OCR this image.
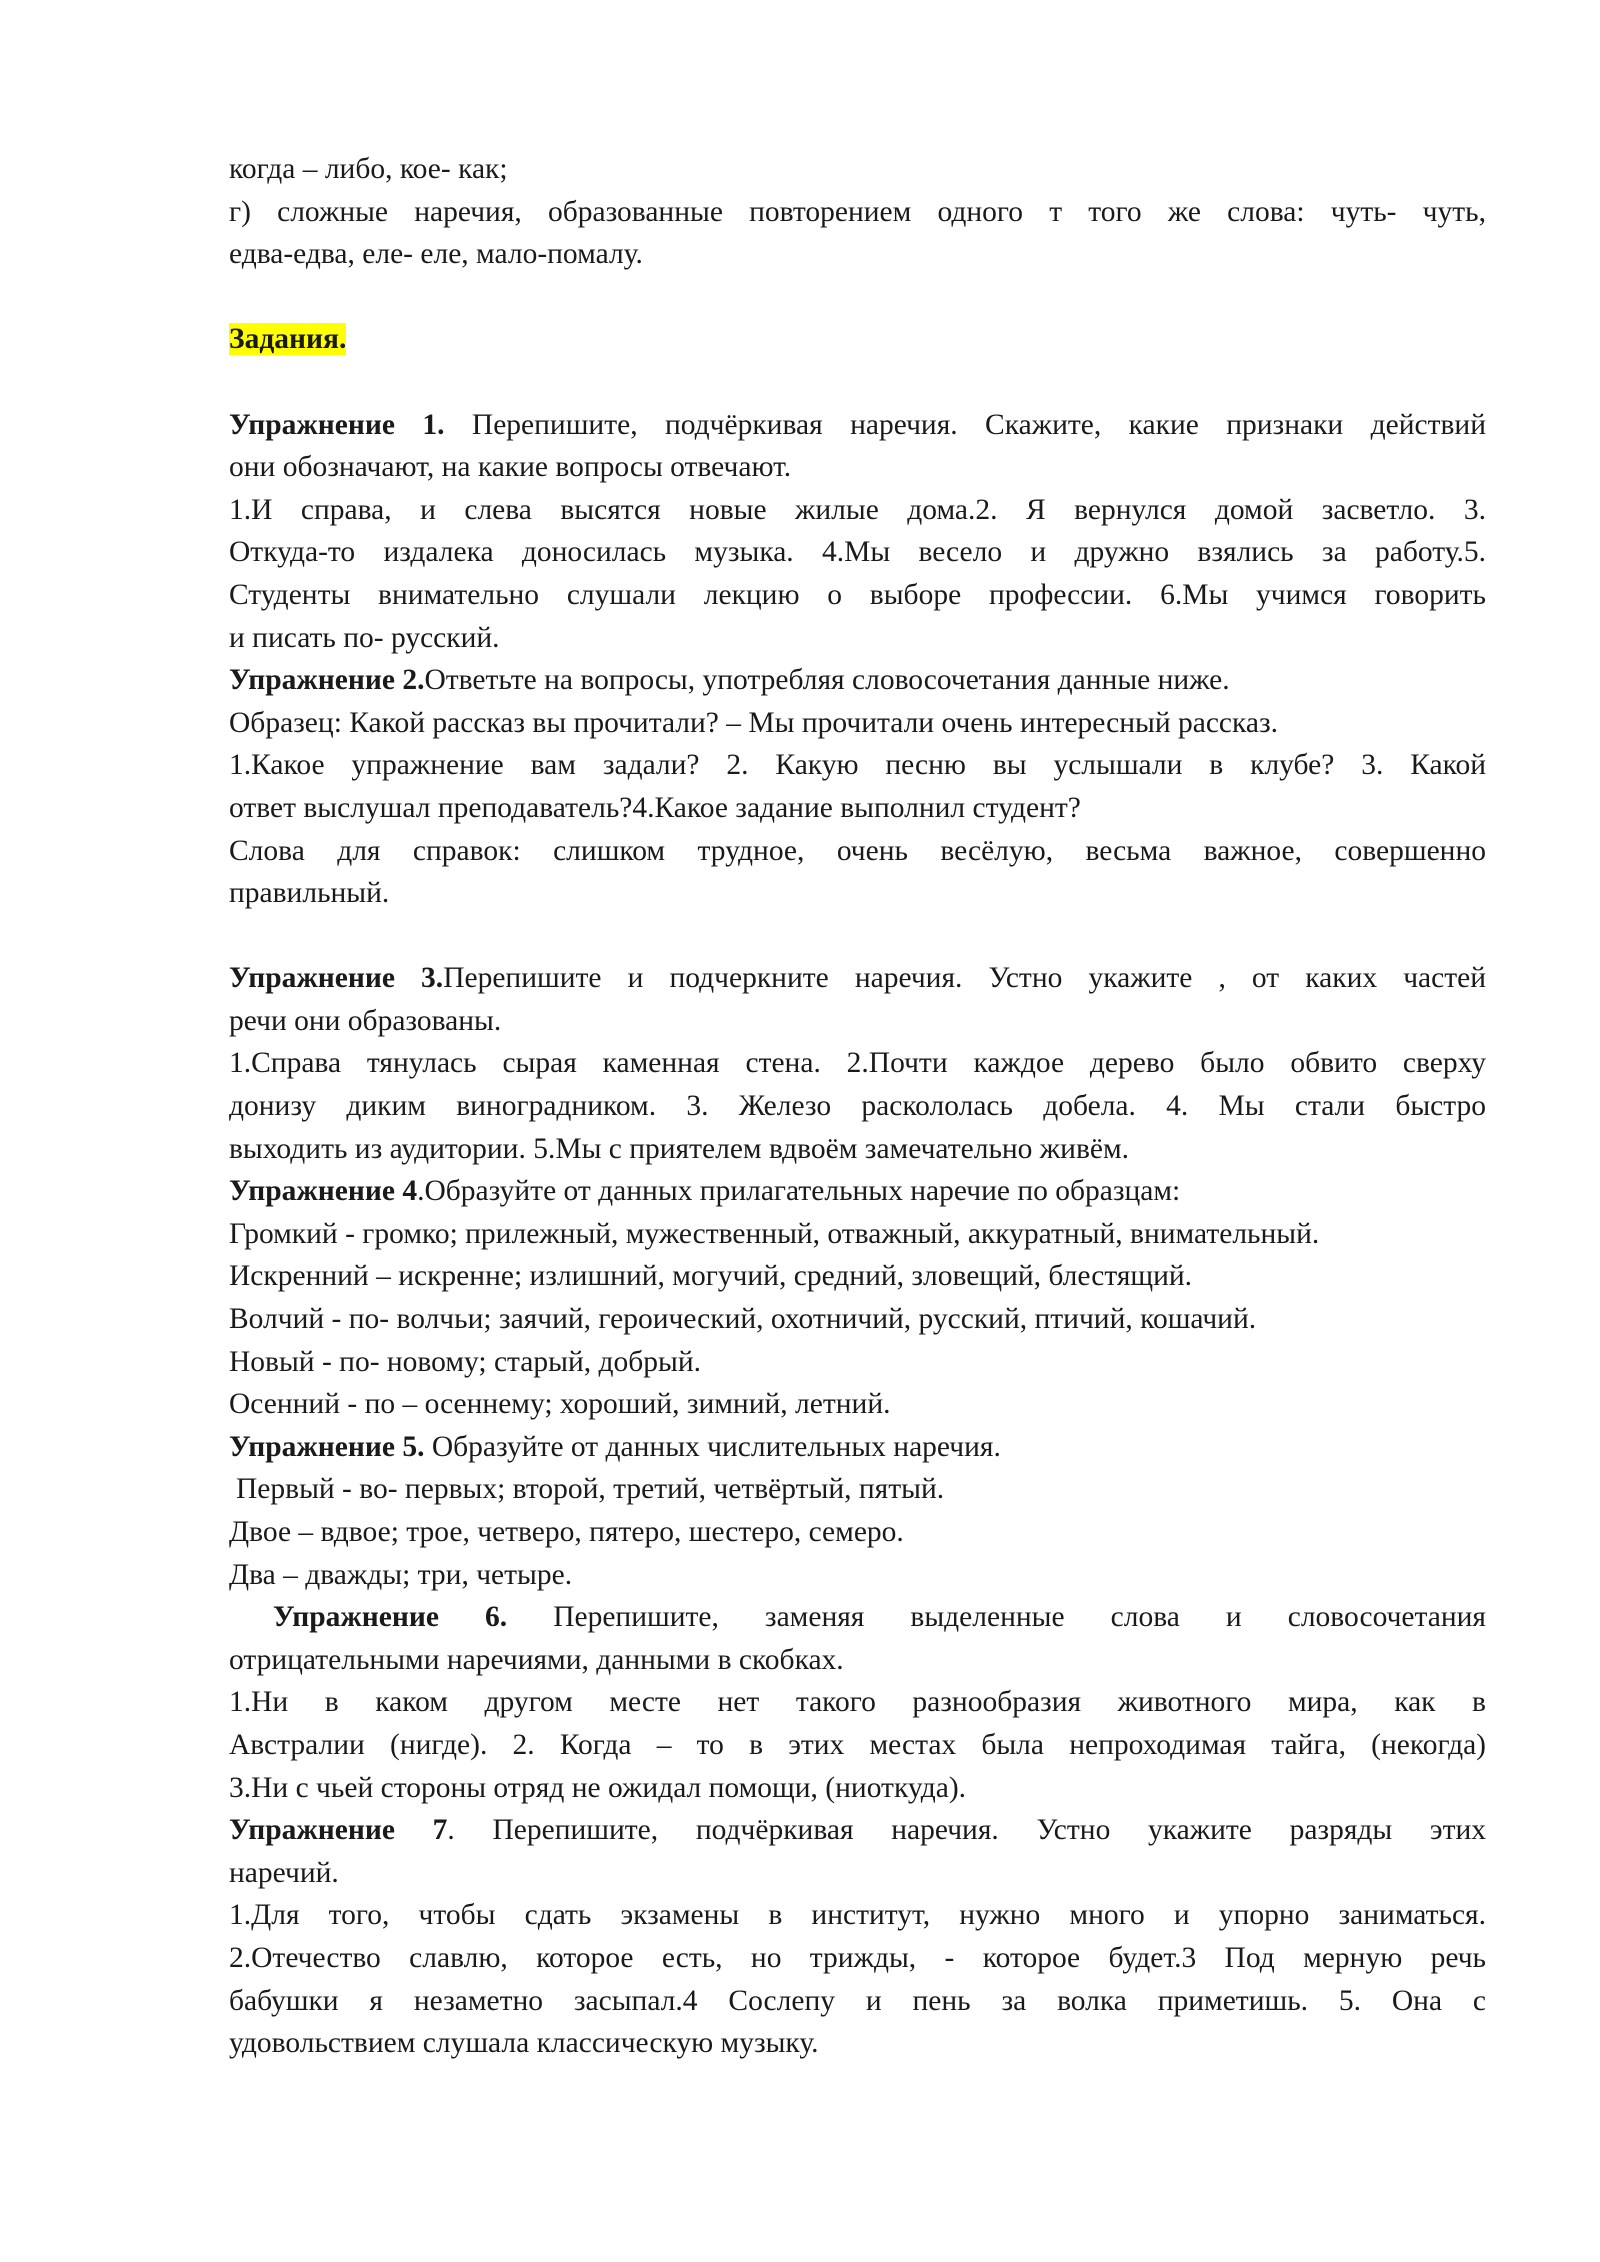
когда – либо, кое- как;

г) сложные наречия, образованные повторением одного т того же слова: чуть- чуть,

едва-едва, еле- еле, мало-помалу.

Задания.

Упражнение 1. Перепишите, подчёркивая наречия. Скажите, какие признаки действий

они обозначают, на какие вопросы отвечают.

1.И справа, и слева высятся новые жилые дома.2. Я вернулся домой засветло. 3.

Откуда-то издалека доносилась музыка. 4.Мы весело и дружно взялись за работу.5.

Студенты внимательно слушали лекцию о выборе профессии. 6.Мы учимся говорить

и писать по- русский.

Упражнение 2.Ответьте на вопросы, употребляя словосочетания данные ниже.

Образец: Какой рассказ вы прочитали? – Мы прочитали очень интересный рассказ.

1.Какое упражнение вам задали? 2. Какую песню вы услышали в клубе? 3. Какой

ответ выслушал преподаватель?4.Какое задание выполнил студент?

Слова для справок: слишком трудное, очень весёлую, весьма важное, совершенно

правильный.

Упражнение 3.Перепишите и подчеркните наречия. Устно укажите , от каких частей

речи они образованы.

1.Справа тянулась сырая каменная стена. 2.Почти каждое дерево было обвито сверху

донизу диким виноградником. 3. Железо раскололась добела. 4. Мы стали быстро

выходить из аудитории. 5.Мы с приятелем вдвоём замечательно живём.

Упражнение 4.Образуйте от данных прилагательных наречие по образцам:

Громкий - громко; прилежный, мужественный, отважный, аккуратный, внимательный.

Искренний – искренне; излишний, могучий, средний, зловещий, блестящий.

Волчий - по- волчьи; заячий, героический, охотничий, русский, птичий, кошачий.

Новый - по- новому; старый, добрый.

Осенний - по – осеннему; хороший, зимний, летний.

Упражнение 5. Образуйте от данных числительных наречия.

Первый - во- первых; второй, третий, четвёртый, пятый.

Двое – вдвое; трое, четверо, пятеро, шестеро, семеро.

Два – дважды; три, четыре.

Упражнение 6. Перепишите, заменяя выделенные слова и словосочетания

отрицательными наречиями, данными в скобках.

1.Ни в каком другом месте нет такого разнообразия животного мира, как в

Австралии (нигде). 2. Когда – то в этих местах была непроходимая тайга, (некогда)

3.Ни с чьей стороны отряд не ожидал помощи, (ниоткуда).

Упражнение 7. Перепишите, подчёркивая наречия. Устно укажите разряды этих

наречий.

1.Для того, чтобы сдать экзамены в институт, нужно много и упорно заниматься.

2.Отечество славлю, которое есть, но трижды, - которое будет.3 Под мерную речь

бабушки я незаметно засыпал.4 Сослепу и пень за волка приметишь. 5. Она с

удовольствием слушала классическую музыку.
